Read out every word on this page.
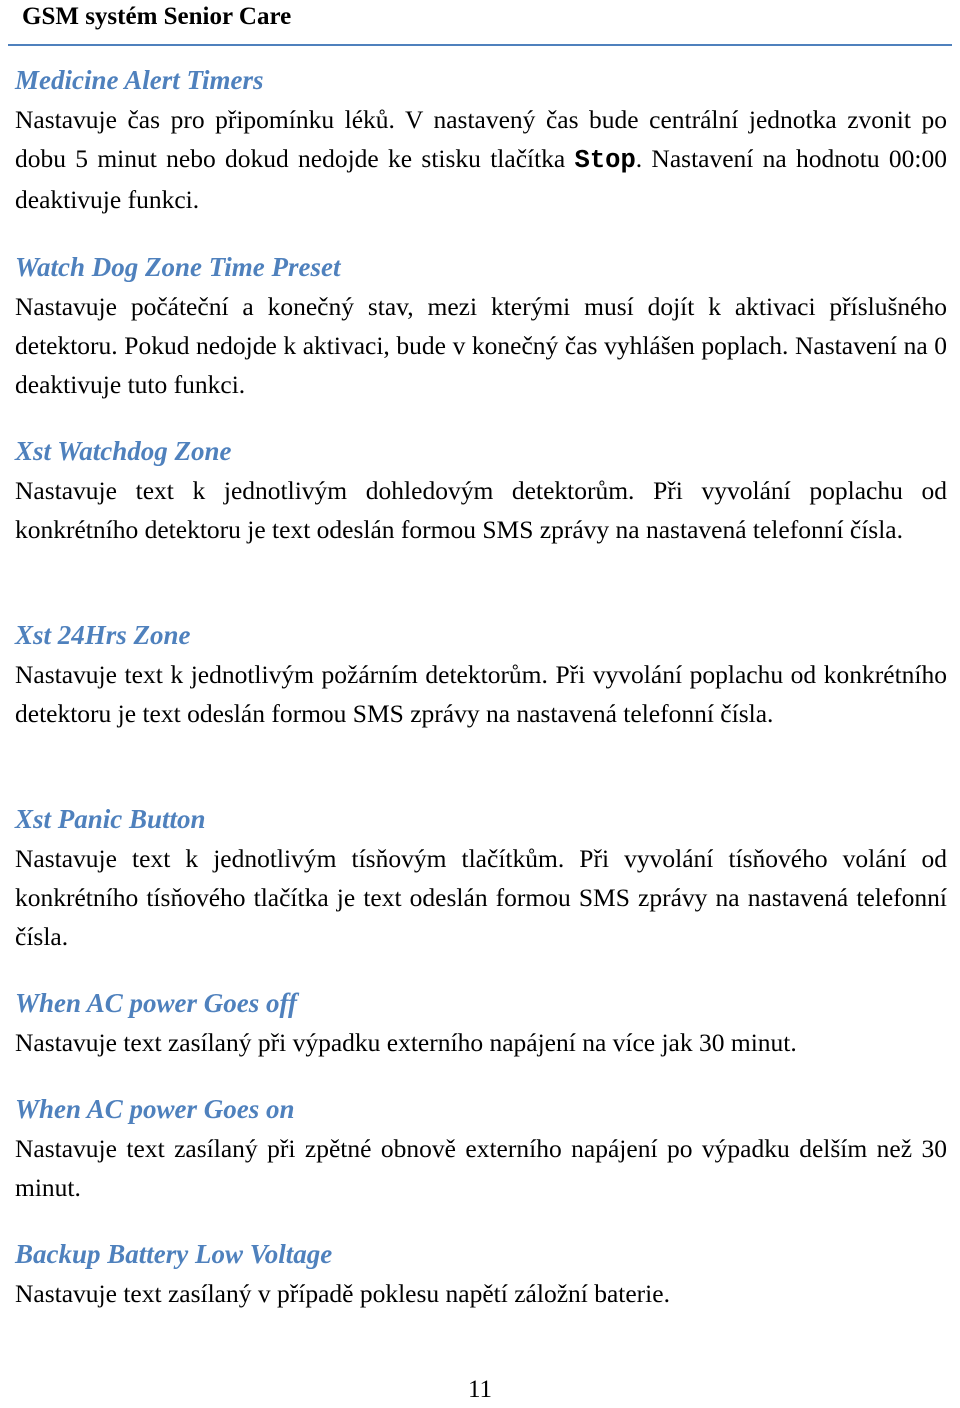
GSM systém Senior Care
Medicine Alert Timers

Nastavuje čas pro připomínku léků. V nastavený čas bude centrální jednotka zvonit po dobu 5 minut nebo dokud nedojde ke stisku tlačítka Stop. Nastavení na hodnotu 00:00 deaktivuje funkci.

Watch Dog Zone Time Preset

Nastavuje počáteční a konečný stav, mezi kterými musí dojít k aktivaci příslušného detektoru. Pokud nedojde k aktivaci, bude v konečný čas vyhlášen poplach. Nastavení na 0 deaktivuje tuto funkci.

Xst Watchdog Zone

Nastavuje text k jednotlivým dohledovým detektorům. Při vyvolání poplachu od konkrétního detektoru je text odeslán formou SMS zprávy na nastavená telefonní čísla.

Xst 24Hrs Zone

Nastavuje text k jednotlivým požárním detektorům. Při vyvolání poplachu od konkrétního detektoru je text odeslán formou SMS zprávy na nastavená telefonní čísla.

Xst Panic Button

Nastavuje text k jednotlivým tísňovým tlačítkům. Při vyvolání tísňového volání od konkrétního tísňového tlačítka je text odeslán formou SMS zprávy na nastavená telefonní čísla.

When AC power Goes off

Nastavuje text zasílaný při výpadku externího napájení na více jak 30 minut.

When AC power Goes on

Nastavuje text zasílaný při zpětné obnově externího napájení po výpadku delším než 30 minut.

Backup Battery Low Voltage

Nastavuje text zasílaný v případě poklesu napětí záložní baterie.

11
